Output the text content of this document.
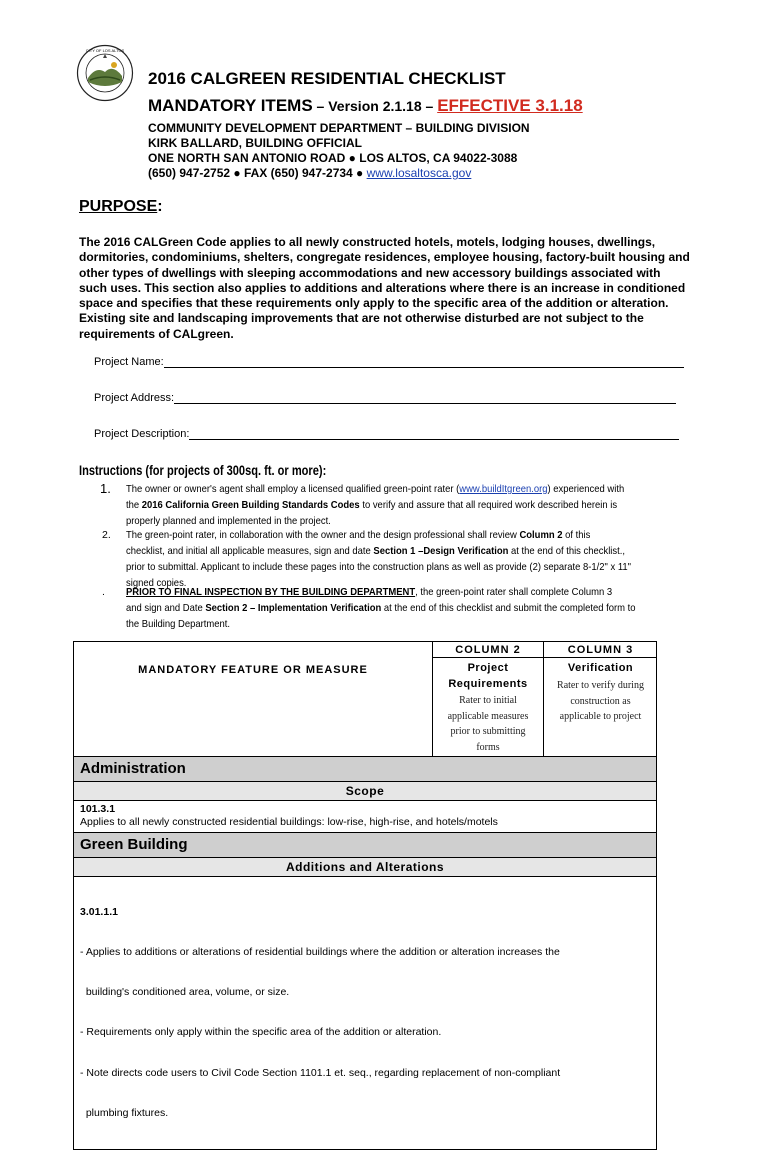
CITY OF LOS ALTOS
2016 CALGREEN RESIDENTIAL CHECKLIST
MANDATORY ITEMS – Version 2.1.18 – EFFECTIVE 3.1.18
COMMUNITY DEVELOPMENT DEPARTMENT – BUILDING DIVISION
KIRK BALLARD, BUILDING OFFICIAL
ONE NORTH SAN ANTONIO ROAD ● LOS ALTOS, CA 94022-3088
(650) 947-2752 ● FAX (650) 947-2734 ● www.losaltosca.gov
PURPOSE:
The 2016 CALGreen Code applies to all newly constructed hotels, motels, lodging houses, dwellings, dormitories, condominiums, shelters, congregate residences, employee housing, factory-built housing and other types of dwellings with sleeping accommodations and new accessory buildings associated with such uses. This section also applies to additions and alterations where there is an increase in conditioned space and specifies that these requirements only apply to the specific area of the addition or alteration. Existing site and landscaping improvements that are not otherwise disturbed are not subject to the requirements of CALgreen.
Project Name:
Project Address:
Project Description:
Instructions (for projects of 300sq. ft. or more):
1. The owner or owner's agent shall employ a licensed qualified green-point rater (www.buildItgreen.org) experienced with
the 2016 California Green Building Standards Codes to verify and assure that all required work described herein is
properly planned and implemented in the project.
2. The green-point rater, in collaboration with the owner and the design professional shall review Column 2 of this
checklist, and initial all applicable measures, sign and date Section 1 –Design Verification at the end of this checklist.,
prior to submittal. Applicant to include these pages into the construction plans as well as provide (2) separate 8-1/2" x 11"
signed copies.
. PRIOR TO FINAL INSPECTION BY THE BUILDING DEPARTMENT, the green-point rater shall complete Column 3
and sign and Date Section 2 – Implementation Verification at the end of this checklist and submit the completed form to
the Building Department.
MANDATORY FEATURE OR MEASURE
COLUMN 2
Project
Requirements
Rater to initial
applicable measures
prior to submitting
forms
COLUMN 3
Verification
Rater to verify during
construction as
applicable to project
Administration
Scope
101.3.1
Applies to all newly constructed residential buildings: low-rise, high-rise, and hotels/motels
Green Building
Additions and Alterations

3.01.1.1

- Applies to additions or alterations of residential buildings where the addition or alteration increases the

building's conditioned area, volume, or size.

- Requirements only apply within the specific area of the addition or alteration.

- Note directs code users to Civil Code Section 1101.1 et. seq., regarding replacement of non-compliant

plumbing fixtures.
